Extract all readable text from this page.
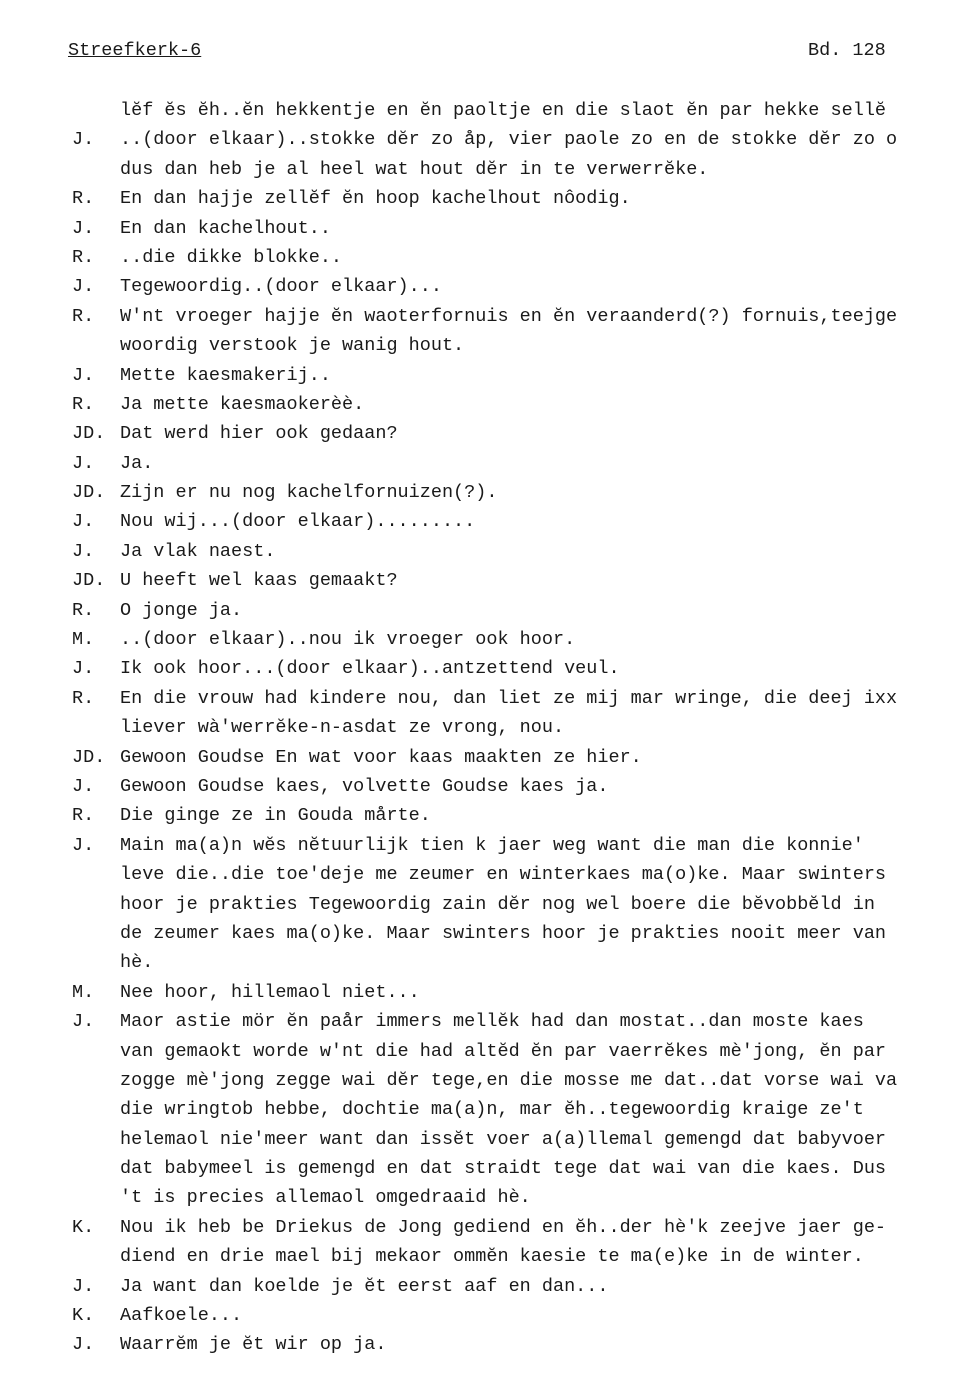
Streefkerk-6	Bd. 128
lĕf ĕs ĕh..ĕn hekkentje en ĕn paoltje en die slaot ĕn par hekke sellĕ
J.	..(door elkaar)..stokke dĕr zo åp, vier paole zo en de stokke dĕr zo o
dus dan heb je al heel wat hout dĕr in te verwerrĕke.
R.	En dan hajje zellĕf ĕn hoop kachelhout nôodig.
J.	En dan kachelhout..
R.	..die dikke blokke..
J.	Tegewoordig..(door elkaar)...
R.	W'nt vroeger hajje ĕn waoterfornuis en ĕn veraanderd(?) fornuis,teejge
woordig verstook je wanig hout.
J.	Mette kaesmakerij..
R.	Ja mette kaesmaokerèè.
JD. Dat werd hier ook gedaan?
J.	Ja.
JD. Zijn er nu nog kachelfornuizen(?).
J.	Nou wij...(door elkaar).........
J.	Ja vlak naest.
JD. U heeft wel kaas gemaakt?
R.	O jonge ja.
M.	..(door elkaar)..nou ik vroeger ook hoor.
J.	Ik ook hoor...(door elkaar)..antzettend veul.
R.	En die vrouw had kindere nou, dan liet ze mij mar wringe, die deej ixx
liever wà'werrĕke-n-asdat ze vrong, nou.
JD. Gewoon Goudse En wat voor kaas maakten ze hier.
J.	Gewoon Goudse kaes, volvette Goudse kaes ja.
R.	Die ginge ze in Gouda mårte.
J.	Main ma(a)n wĕs nĕtuurlijk tien k jaer weg want die man die konnie'
leve die..die toe'deje me zeumer en winterkaes ma(o)ke. Maar swinters
hoor je prakties Tegewoordig zain dĕr nog wel boere die bĕvobbĕld in
de zeumer kaes ma(o)ke. Maar swinters hoor je prakties nooit meer van
hè.
M.	Nee hoor, hillemaol niet...
J.	Maor astie mör ĕn paår immers mellĕk had dan mostat..dan moste kaes
van gemaokt worde w'nt die had altĕd ĕn par vaerrĕkes mè'jong, ĕn par
zogge mè'jong zegge wai dĕr tege,en die mosse me dat..dat vorse wai va
die wringtob hebbe, dochtie ma(a)n, mar ĕh..tegewoordig kraige ze't
helemaol nie'meer want dan issĕt voer a(a)llemal gemengd dat babyvoer
dat babymeel is gemengd en dat straidt tege dat wai van die kaes. Dus
't is precies allemaol omgedraaid hè.
K.	Nou ik heb be Driekus de Jong gediend en ĕh..der hè'k zeejve jaer ge-
diend en drie mael bij mekaor ommĕn kaesie te ma(e)ke in de winter.
J.	Ja want dan koelde je ĕt eerst aaf en dan...
K.	Aafkoele...
J.	Waarrĕm je ĕt wir op ja.
